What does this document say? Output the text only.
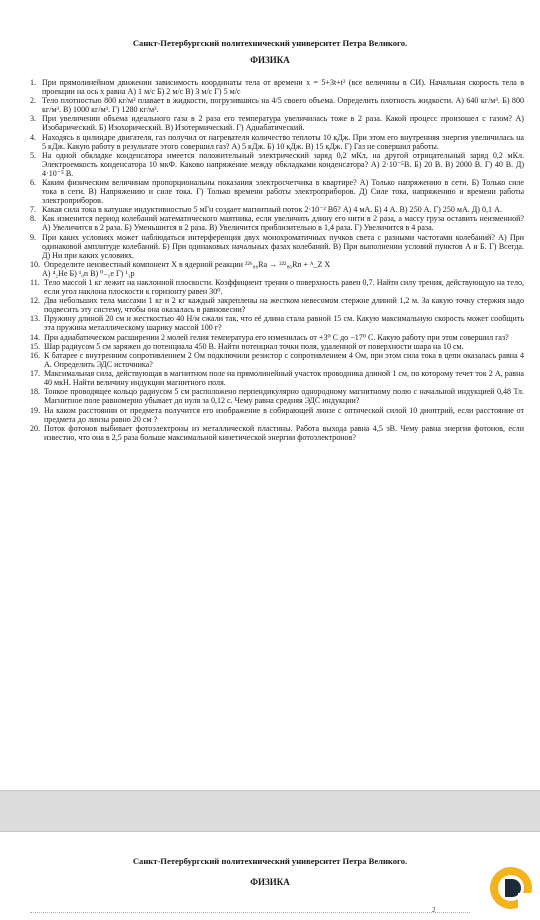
Санкт-Петербургский политехнический университет Петра Великого.
ФИЗИКА
1. При прямолинейном движении зависимость координаты тела от времени x = 5+3t+t² (все величины в СИ). Начальная скорость тела в проекции на ось x равна А) 1 м/с Б) 2 м/с В) 3 м/с Г) 5 м/с
2. Тело плотностью 800 кг/м³ плавает в жидкости, погрузившись на 4/5 своего объема. Определить плотность жидкости. А) 640 кг/м³. Б) 800 кг/м³. В) 1000 кг/м³. Г) 1280 кг/м³.
3. При увеличении объема идеального газа в 2 раза его температура увеличилась тоже в 2 раза. Какой процесс произошел с газом? А) Изобарический. Б) Изохорический. В) Изотермический. Г) Адиабатический.
4. Находясь в цилиндре двигателя, газ получил от нагревателя количество теплоты 10 кДж. При этом его внутренняя энергия увеличилась на 5 кДж. Какую работу в результате этого совершил газ? А) 5 кДж. Б) 10 кДж. В) 15 кДж. Г) Газ не совершил работы.
5. На одной обкладке конденсатора имеется положительный электрический заряд 0,2 мКл, на другой отрицательный заряд 0,2 мКл. Электроемкость конденсатора 10 мкФ. Каково напряжение между обкладками конденсатора? А) 2·10⁻⁵В. Б) 20 В. В) 2000 В. Г) 40 В. Д) 4·10⁻⁵ В.
6. Каким физическим величинам пропорциональны показания электросчетчика в квартире? А) Только напряжению в сети. Б) Только силе тока в сети. В) Напряжению и силе тока. Г) Только времени работы электроприборов. Д) Силе тока, напряжению и времени работы электроприборов.
7. Какая сила тока в катушке индуктивностью 5 мГн создает магнитный поток 2·10⁻² Вб? А) 4 мА. Б) 4 А. В) 250 А. Г) 250 мА. Д) 0,1 А.
8. Как изменится период колебаний математического маятника, если увеличить длину его нити в 2 раза, а массу груза оставить неизменной? А) Увеличится в 2 раза. Б) Уменьшится в 2 раза. В) Увеличится приблизительно в 1,4 раза. Г) Увеличится в 4 раза.
9. При каких условиях может наблюдаться интерференция двух монохроматичных пучков света с разными частотами колебаний? А) При одинаковой амплитуде колебаний. Б) При одинаковых начальных фазах колебаний. В) При выполнении условий пунктов А и Б. Г) Всегда. Д) Ни при каких условиях.
10. Определите неизвестный компонент X в ядерной реакции ²²⁶₈₈Ra → ²²²₈₆Rn + ᴬ_Z X
А) ⁴₂He Б) ¹₀n В) ⁰₋₁e Г) ¹₁p
11. Тело массой 1 кг лежит на наклонной плоскости. Коэффициент трения о поверхность равен 0,7. Найти силу трения, действующую на тело, если угол наклона плоскости к горизонту равен 30⁰.
12. Два небольших тела массами 1 кг и 2 кг каждый закреплены на жестком невесомом стержне длиной 1,2 м. За какую точку стержня надо подвесить эту систему, чтобы она оказалась в равновесии?
13. Пружину длиной 20 см и жесткостью 40 Н/м сжали так, что её длина стала равной 15 см. Какую максимальную скорость может сообщить эта пружина металлическому шарику массой 100 г?
14. При адиабатическом расширении 2 молей гелия температура его изменилась от +3⁰ С до −17⁰ С. Какую работу при этом совершил газ?
15. Шар радиусом 5 см заряжен до потенциала 450 В. Найти потенциал точки поля, удаленной от поверхности шара на 10 см.
16. К батарее с внутренним сопротивлением 2 Ом подключили резистор с сопротивлением 4 Ом, при этом сила тока в цепи оказалась равна 4 А. Определить ЭДС источника?
17. Максимальная сила, действующая в магнитном поле на прямолинейный участок проводника длиной 1 см, по которому течет ток 2 А, равна 40 мкН. Найти величину индукции магнитного поля.
18. Тонкое проводящее кольцо радиусом 5 см расположено перпендикулярно однородному магнитному полю с начальной индукцией 0,48 Тл. Магнитное поле равномерно убывает до нуля за 0,12 с. Чему равна средняя ЭДС индукции?
19. На каком расстоянии от предмета получится его изображение в собирающей линзе с оптической силой 10 диоптрий, если расстояние от предмета до линзы равно 20 см ?
20. Поток фотонов выбивает фотоэлектроны из металлической пластины. Работа выхода равна 4,5 эВ. Чему равна энергия фотонов, если известно, что она в 2,5 раза больше максимальной кинетической энергии фотоэлектронов?
Санкт-Петербургский политехнический университет Петра Великого.
ФИЗИКА
2
